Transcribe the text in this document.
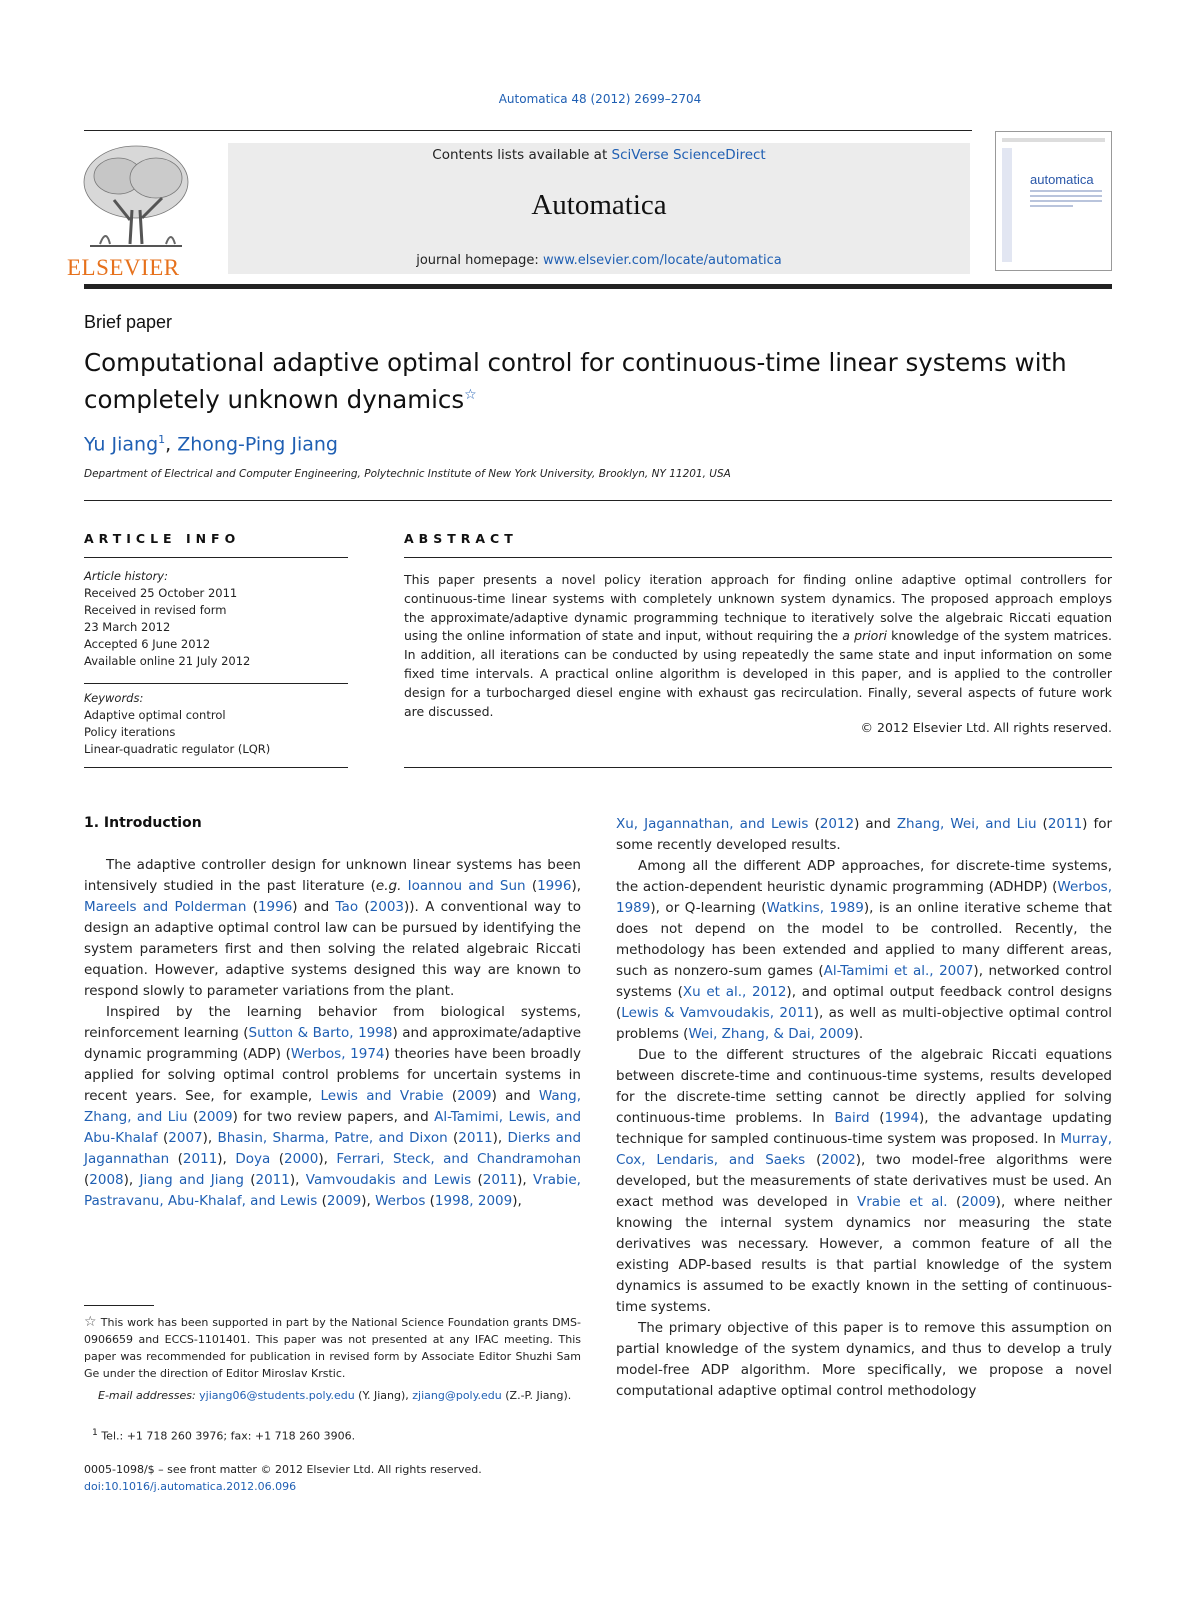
Automatica 48 (2012) 2699–2704
ELSEVIER
Contents lists available at SciVerse ScienceDirect
Automatica
journal homepage: www.elsevier.com/locate/automatica
automatica
Brief paper
Computational adaptive optimal control for continuous-time linear systems with completely unknown dynamics☆
Yu Jiang$^1$, Zhong-Ping Jiang
Department of Electrical and Computer Engineering, Polytechnic Institute of New York University, Brooklyn, NY 11201, USA
ARTICLE INFO
Article history:
Received 25 October 2011
Received in revised form
23 March 2012
Accepted 6 June 2012
Available online 21 July 2012
Keywords:
Adaptive optimal control
Policy iterations
Linear-quadratic regulator (LQR)
ABSTRACT
This paper presents a novel policy iteration approach for finding online adaptive optimal controllers for continuous-time linear systems with completely unknown system dynamics. The proposed approach employs the approximate/adaptive dynamic programming technique to iteratively solve the algebraic Riccati equation using the online information of state and input, without requiring the a priori knowledge of the system matrices. In addition, all iterations can be conducted by using repeatedly the same state and input information on some fixed time intervals. A practical online algorithm is developed in this paper, and is applied to the controller design for a turbocharged diesel engine with exhaust gas recirculation. Finally, several aspects of future work are discussed.
© 2012 Elsevier Ltd. All rights reserved.
1. Introduction

The adaptive controller design for unknown linear systems has been intensively studied in the past literature (e.g. Ioannou and Sun (1996), Mareels and Polderman (1996) and Tao (2003)). A conventional way to design an adaptive optimal control law can be pursued by identifying the system parameters first and then solving the related algebraic Riccati equation. However, adaptive systems designed this way are known to respond slowly to parameter variations from the plant.

Inspired by the learning behavior from biological systems, reinforcement learning (Sutton & Barto, 1998) and approximate/adaptive dynamic programming (ADP) (Werbos, 1974) theories have been broadly applied for solving optimal control problems for uncertain systems in recent years. See, for example, Lewis and Vrabie (2009) and Wang, Zhang, and Liu (2009) for two review papers, and Al-Tamimi, Lewis, and Abu-Khalaf (2007), Bhasin, Sharma, Patre, and Dixon (2011), Dierks and Jagannathan (2011), Doya (2000), Ferrari, Steck, and Chandramohan (2008), Jiang and Jiang (2011), Vamvoudakis and Lewis (2011), Vrabie, Pastravanu, Abu-Khalaf, and Lewis (2009), Werbos (1998, 2009),

Xu, Jagannathan, and Lewis (2012) and Zhang, Wei, and Liu (2011) for some recently developed results.

Among all the different ADP approaches, for discrete-time systems, the action-dependent heuristic dynamic programming (ADHDP) (Werbos, 1989), or Q-learning (Watkins, 1989), is an online iterative scheme that does not depend on the model to be controlled. Recently, the methodology has been extended and applied to many different areas, such as nonzero-sum games (Al-Tamimi et al., 2007), networked control systems (Xu et al., 2012), and optimal output feedback control designs (Lewis & Vamvoudakis, 2011), as well as multi-objective optimal control problems (Wei, Zhang, & Dai, 2009).

Due to the different structures of the algebraic Riccati equations between discrete-time and continuous-time systems, results developed for the discrete-time setting cannot be directly applied for solving continuous-time problems. In Baird (1994), the advantage updating technique for sampled continuous-time system was proposed. In Murray, Cox, Lendaris, and Saeks (2002), two model-free algorithms were developed, but the measurements of state derivatives must be used. An exact method was developed in Vrabie et al. (2009), where neither knowing the internal system dynamics nor measuring the state derivatives was necessary. However, a common feature of all the existing ADP-based results is that partial knowledge of the system dynamics is assumed to be exactly known in the setting of continuous-time systems.

The primary objective of this paper is to remove this assumption on partial knowledge of the system dynamics, and thus to develop a truly model-free ADP algorithm. More specifically, we propose a novel computational adaptive optimal control methodology

☆ This work has been supported in part by the National Science Foundation grants DMS-0906659 and ECCS-1101401. This paper was not presented at any IFAC meeting. This paper was recommended for publication in revised form by Associate Editor Shuzhi Sam Ge under the direction of Editor Miroslav Krstic.
E-mail addresses: yjiang06@students.poly.edu (Y. Jiang), zjiang@poly.edu (Z.-P. Jiang).
$^1$ Tel.: +1 718 260 3976; fax: +1 718 260 3906.
0005-1098/$ – see front matter © 2012 Elsevier Ltd. All rights reserved.
doi:10.1016/j.automatica.2012.06.096
